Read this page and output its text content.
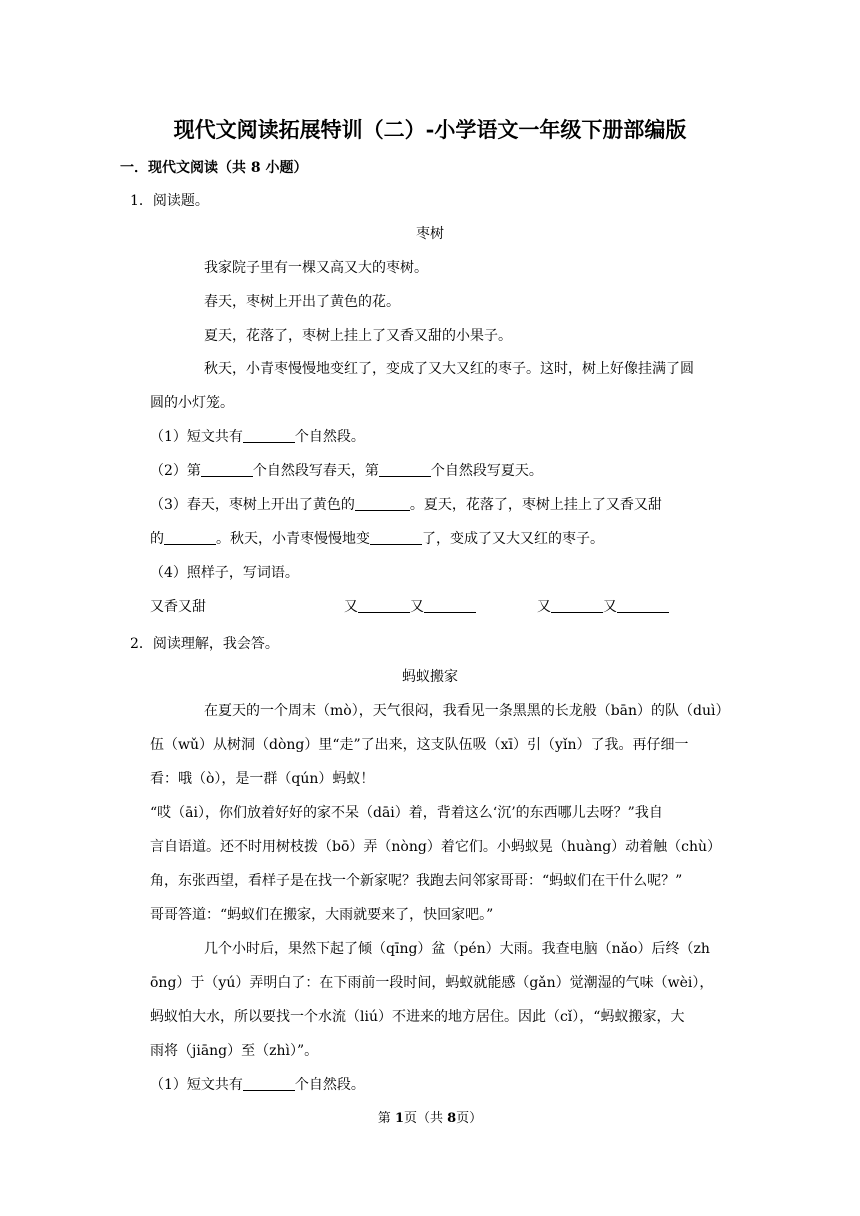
现代文阅读拓展特训（二）-小学语文一年级下册部编版
一．现代文阅读（共 8 小题）
1．阅读题。
枣树
我家院子里有一棵又高又大的枣树。
春天，枣树上开出了黄色的花。
夏天，花落了，枣树上挂上了又香又甜的小果子。
秋天，小青枣慢慢地变红了，变成了又大又红的枣子。这时，树上好像挂满了圆
圆的小灯笼。
（1）短文共有	个自然段。
（2）第	个自然段写春天，第	个自然段写夏天。
（3）春天，枣树上开出了黄色的	。夏天，花落了，枣树上挂上了又香又甜
的	。秋天，小青枣慢慢地变	了，变成了又大又红的枣子。
（4）照样子，写词语。
又香又甜	又	又	又	又
2．阅读理解，我会答。
蚂蚁搬家
在夏天的一个周末（mò），天气很闷，我看见一条黑黑的长龙般（bān）的队（duì）
伍（wǔ）从树洞（dòng）里“走”了出来，这支队伍吸（xī）引（yǐn）了我。再仔细一
看：哦（ò），是一群（qún）蚂蚁！
“哎（āi），你们放着好好的家不呆（dāi）着，背着这么‘沉’的东西哪儿去呀？”我自
言自语道。还不时用树枝拨（bō）弄（nòng）着它们。小蚂蚁晃（huàng）动着触（chù）
角，东张西望，看样子是在找一个新家呢？我跑去问邻家哥哥：“蚂蚁们在干什么呢？”
哥哥答道：“蚂蚁们在搬家，大雨就要来了，快回家吧。”
几个小时后，果然下起了倾（qīng）盆（pén）大雨。我查电脑（nǎo）后终（zh
ōng）于（yú）弄明白了：在下雨前一段时间，蚂蚁就能感（gǎn）觉潮湿的气味（wèi），
蚂蚁怕大水，所以要找一个水流（liú）不进来的地方居住。因此（cǐ），“蚂蚁搬家，大
雨将（jiāng）至（zhì）”。
（1）短文共有	个自然段。
第 1页（共 8页）
